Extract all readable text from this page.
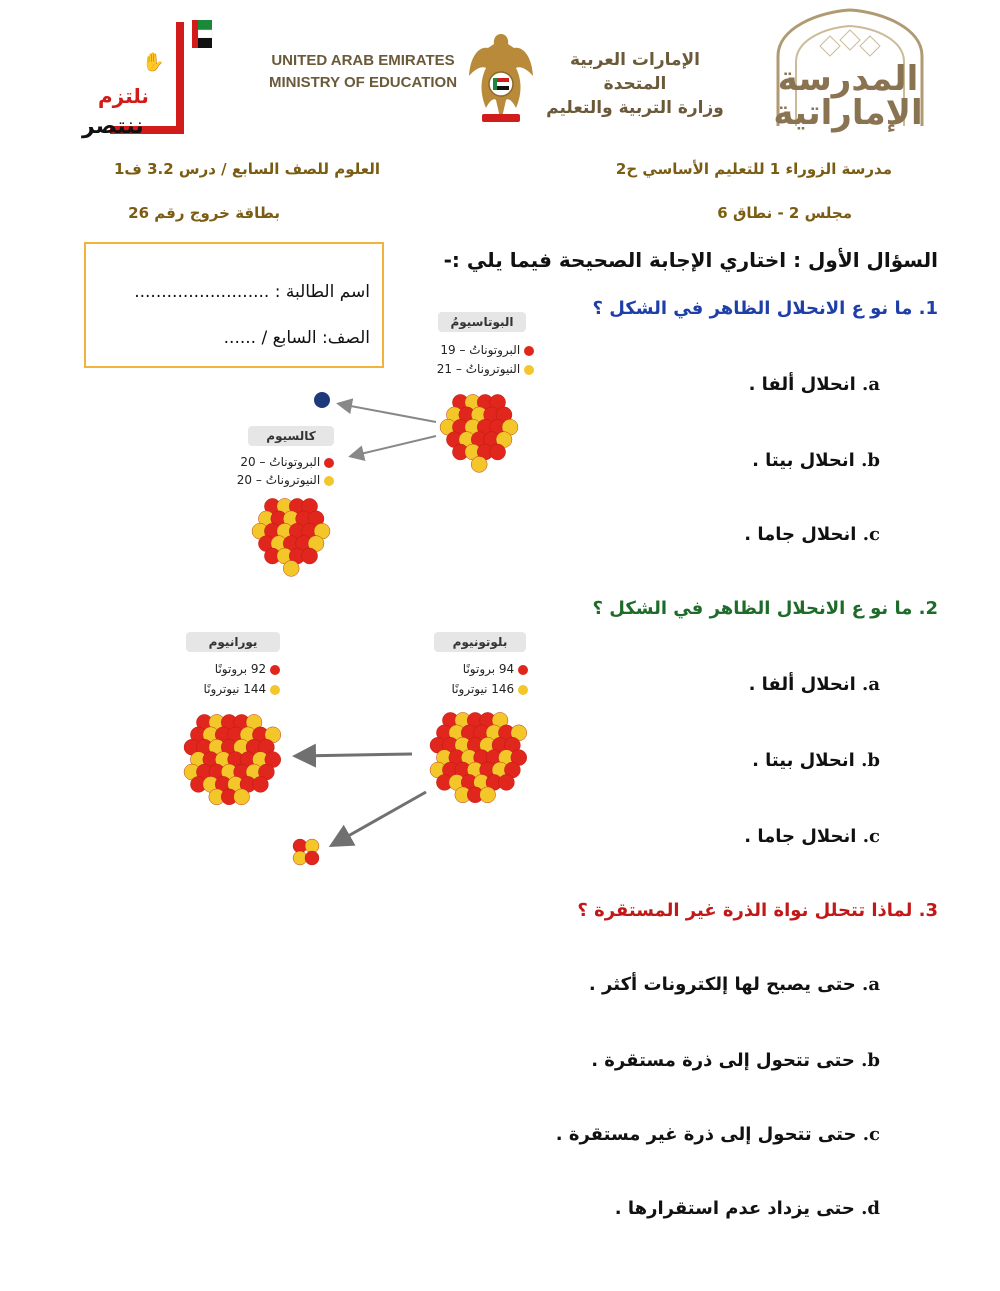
✋
نلتزم
ننتصر
UNITED ARAB EMIRATES
MINISTRY OF EDUCATION
الإمارات العربية المتحدة
وزارة التربية والتعليم
المدرسة
الإماراتية
مدرسة الزوراء 1 للتعليم الأساسي ح2
العلوم للصف السابع / درس 3.2 ف1
مجلس 2 - نطاق 6
بطاقة خروج رقم 26
اسم الطالبة : .........................
الصف: السابع / ......
السؤال الأول : اختاري الإجابة الصحيحة فيما يلي :-
1. ما نو ع الانحلال الظاهر في الشكل ؟
a. انحلال ألفا .
b. انحلال بيتا .
c. انحلال جاما .
2. ما نو ع الانحلال الظاهر في الشكل ؟
a. انحلال ألفا .
b. انحلال بيتا .
c. انحلال جاما .
3. لماذا تتحلل نواة الذرة غير المستقرة ؟
a. حتى يصبح لها إلكترونات أكثر .
b. حتى تتحول إلى ذرة مستقرة .
c. حتى تتحول إلى ذرة غير مستقرة .
d. حتى يزداد عدم استقرارها .
البوتاسيومُ
البروتوناتُ – 19
النيوتروناتُ – 21
كالسيوم
البروتوناتُ – 20
النيوتروناتُ – 20
بلوتونيوم
94 بروتونًا
146 نيوترونًا
يورانيوم
92 بروتونًا
144 نيوترونًا
